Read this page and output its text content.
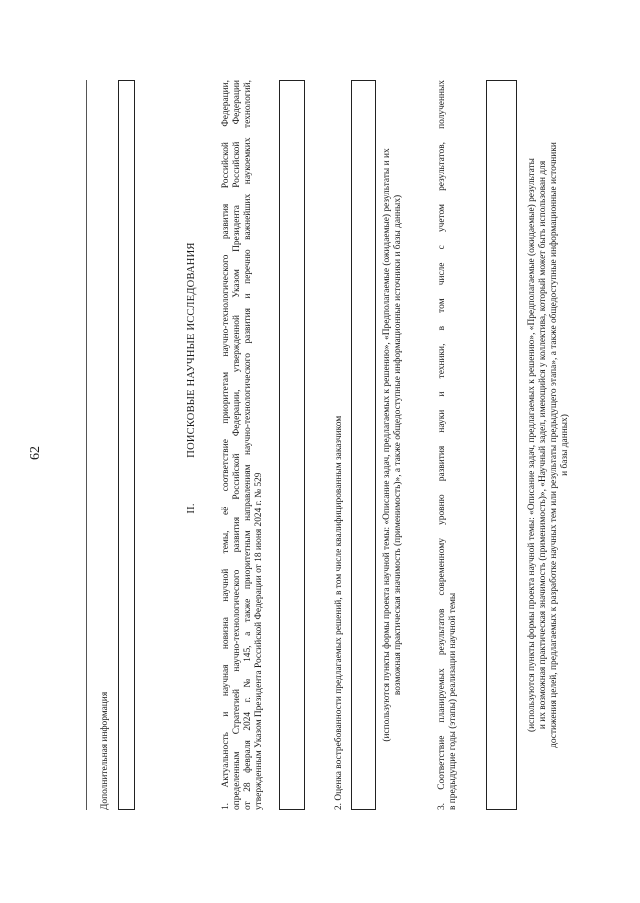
62
Дополнительная информация
II.  ПОИСКОВЫЕ НАУЧНЫЕ ИССЛЕДОВАНИЯ	1. Актуальность и научная новизна научной темы, её соответствие приоритетам научно-технологического развития Российской Федерации, определенным Стратегией научно-технологического развития Российской Федерации, утвержденной Указом Президента Российской Федерации от 28 февраля 2024 г. № 145, а также приоритетным направлениям научно-технологического развития и перечню важнейших наукоемких технологий, утвержденным Указом Президента Российской Федерации от 18 июня 2024 г. № 529	2. Оценка востребованности предлагаемых решений, в том числе квалифицированным заказчиком	(используются пункты формы проекта научной темы: «Описание задач, предлагаемых к решению», «Предполагаемые (ожидаемые) результаты и их возможная практическая значимость (применимость)», а также общедоступные информационные источники и базы данных)	3. Соответствие планируемых результатов современному уровню развития науки и техники, в том числе с учетом результатов, полученных в предыдущие годы (этапы) реализации научной темы	(используются пункты формы проекта научной темы: «Описание задач, предлагаемых к решению», «Предполагаемые (ожидаемые) результаты и их возможная практическая значимость (применимость)», «Научный задел, имеющийся у коллектива, который может быть использован для достижения целей, предлагаемых к разработке научных тем или результаты предыдущего этапа», а также общедоступные информационные источники и базы данных)
